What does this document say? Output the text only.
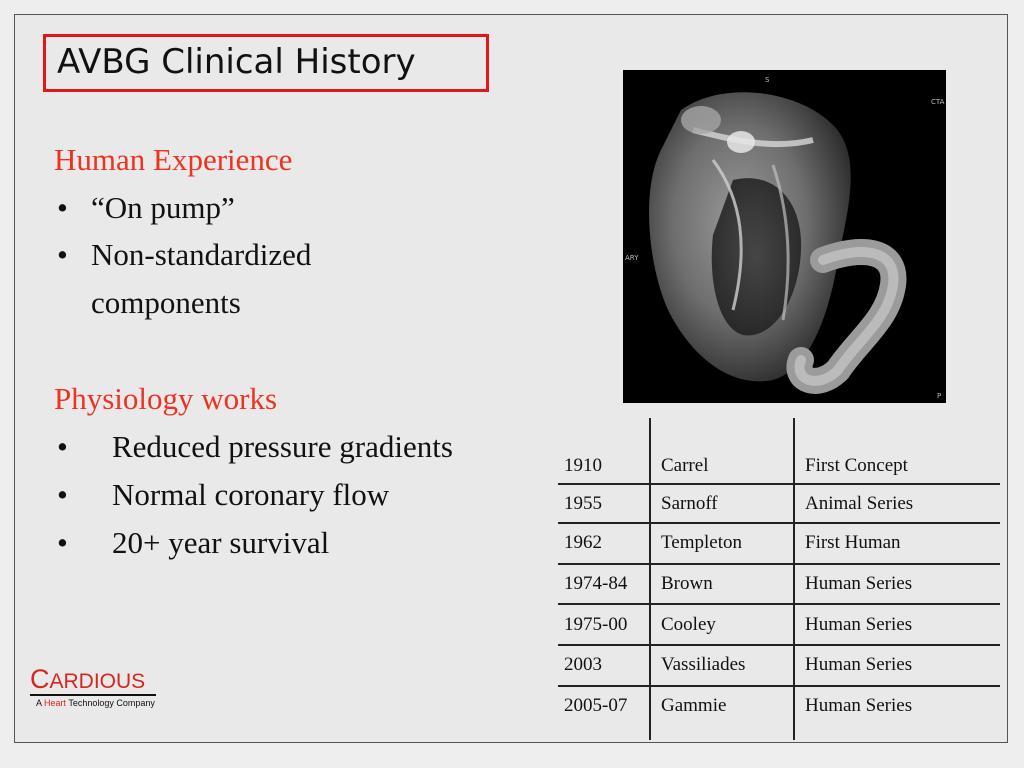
AVBG Clinical History
Human Experience
• “On pump”
• Non-standardized
components
Physiology works
• Reduced pressure gradients
• Normal coronary flow
• 20+ year survival
S
CTA
ARY
P
1910	Carrel	First Concept
1955	Sarnoff	Animal Series
1962	Templeton	First Human
1974-84 Brown	Human Series
1975-00 Cooley	Human Series
2003	Vassiliades	Human Series
2005-07 Gammie	Human Series
CARDIOUS
A Heart Technology Company
